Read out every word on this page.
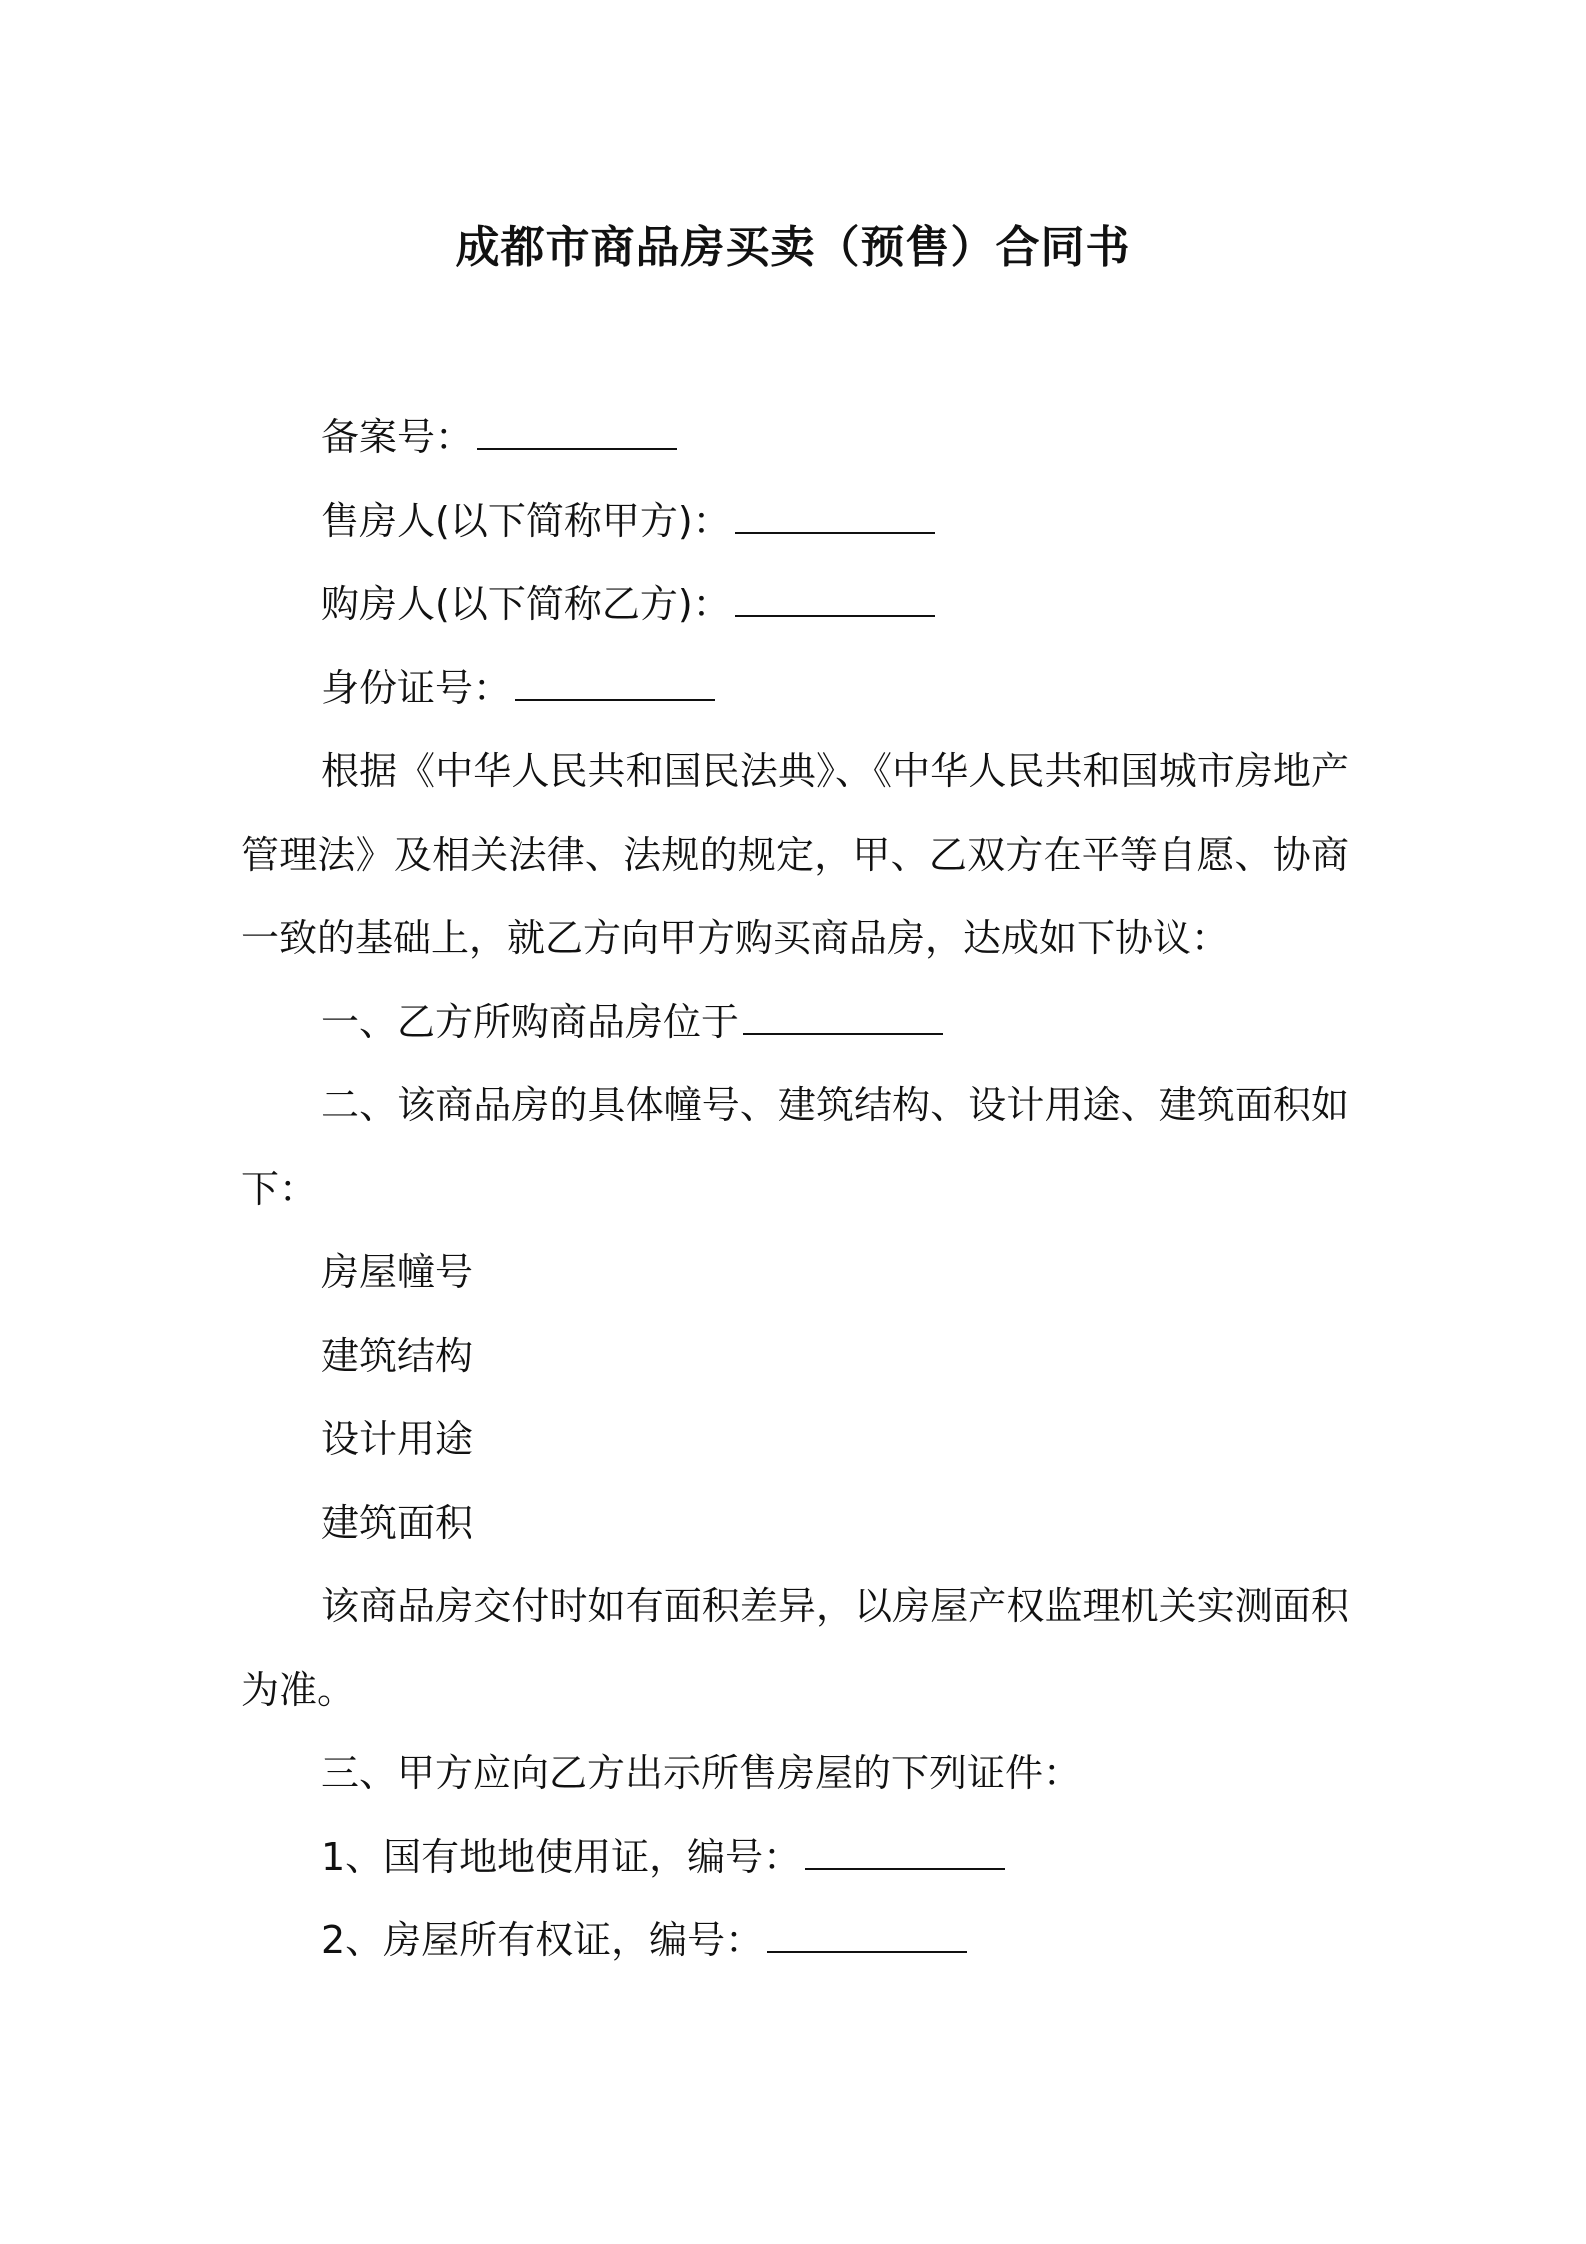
成都市商品房买卖（预售）合同书

备案号：

售房人(以下简称甲方)：

购房人(以下简称乙方)：

身份证号：

根据《中华人民共和国民法典》、《中华人民共和国城市房地产管理法》及相关法律、法规的规定，甲、乙双方在平等自愿、协商一致的基础上，就乙方向甲方购买商品房，达成如下协议：

一、乙方所购商品房位于

二、该商品房的具体幢号、建筑结构、设计用途、建筑面积如下：

房屋幢号

建筑结构

设计用途

建筑面积

该商品房交付时如有面积差异，以房屋产权监理机关实测面积为准。

三、甲方应向乙方出示所售房屋的下列证件：

1、国有地地使用证，编号：

2、房屋所有权证，编号：
